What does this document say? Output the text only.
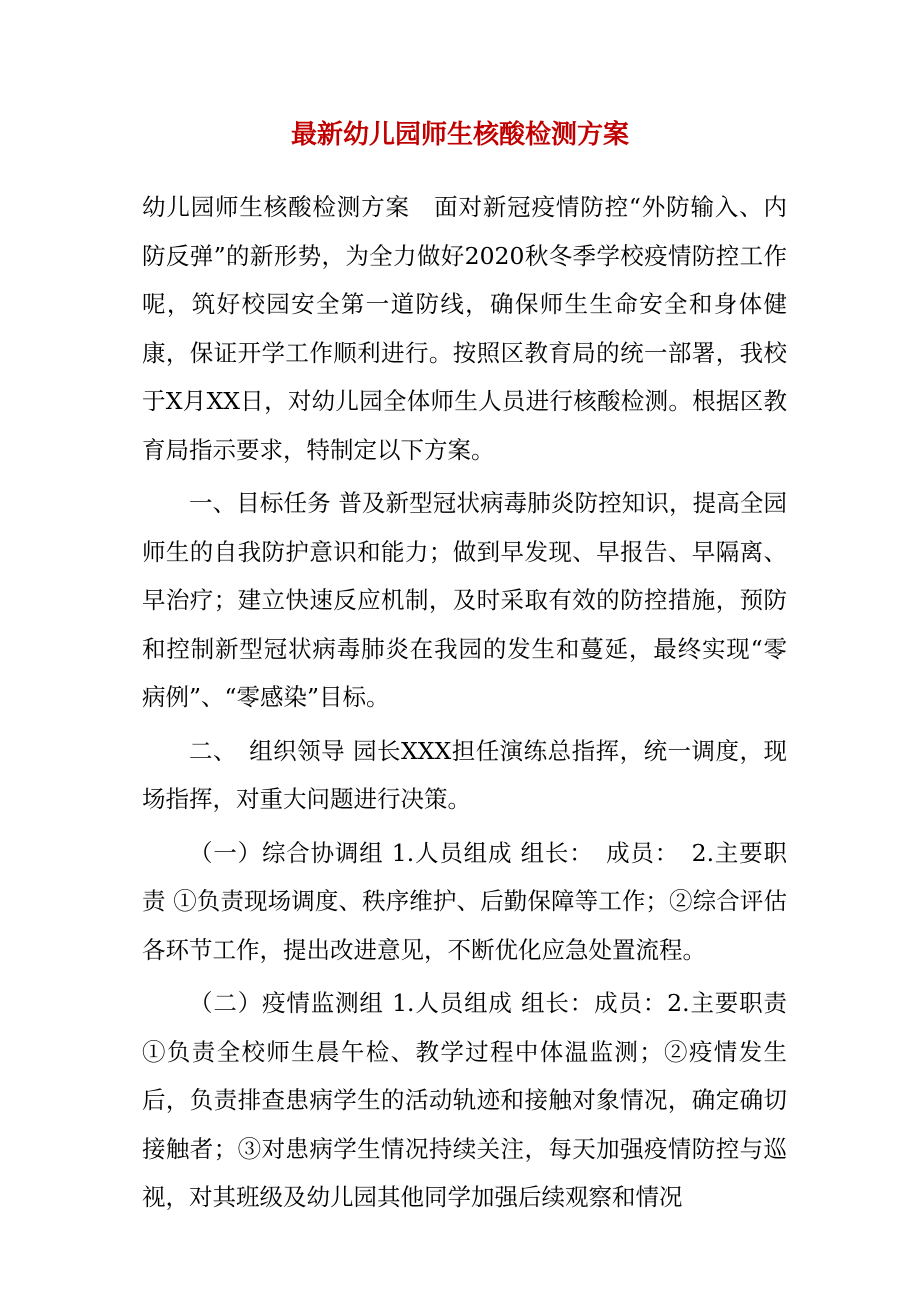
最新幼儿园师生核酸检测方案

幼儿园师生核酸检测方案　面对新冠疫情防控“外防输入、内防反弹”的新形势，为全力做好2020秋冬季学校疫情防控工作呢，筑好校园安全第一道防线，确保师生生命安全和身体健康，保证开学工作顺利进行。按照区教育局的统一部署，我校于X月XX日，对幼儿园全体师生人员进行核酸检测。根据区教育局指示要求，特制定以下方案。

一、目标任务 普及新型冠状病毒肺炎防控知识，提高全园师生的自我防护意识和能力；做到早发现、早报告、早隔离、早治疗；建立快速反应机制，及时采取有效的防控措施，预防和控制新型冠状病毒肺炎在我园的发生和蔓延，最终实现“零病例”、“零感染”目标。

二、　组织领导 园长XXX担任演练总指挥，统一调度，现场指挥，对重大问题进行决策。

（一）综合协调组 1.人员组成 组长：　成员：　2.主要职责 ①负责现场调度、秩序维护、后勤保障等工作；②综合评估各环节工作，提出改进意见，不断优化应急处置流程。

（二）疫情监测组 1.人员组成 组长：成员：2.主要职责 ①负责全校师生晨午检、教学过程中体温监测；②疫情发生后，负责排查患病学生的活动轨迹和接触对象情况，确定确切接触者；③对患病学生情况持续关注，每天加强疫情防控与巡视，对其班级及幼儿园其他同学加强后续观察和情况
